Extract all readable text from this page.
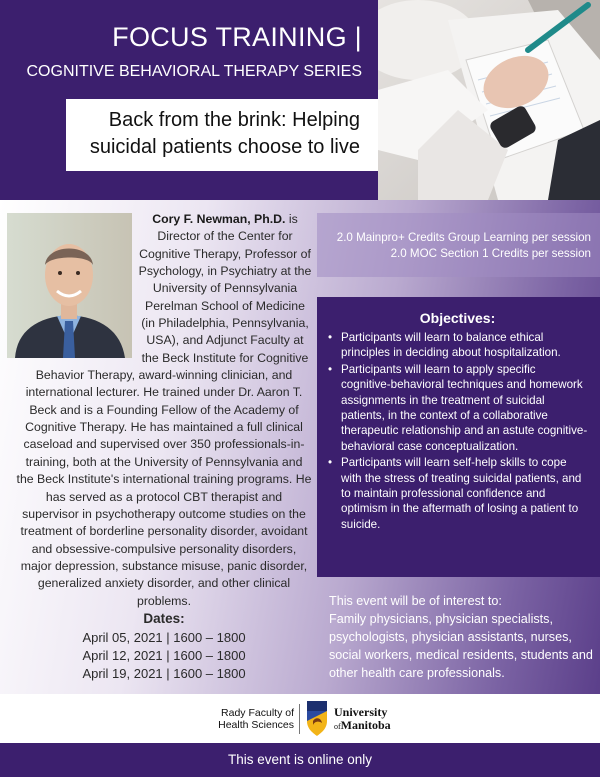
FOCUS TRAINING |
COGNITIVE BEHAVIORAL THERAPY SERIES
Back from the brink: Helping
suicidal patients choose to live
Cory F. Newman, Ph.D. is Director of the Center for Cognitive Therapy, Professor of Psychology, in Psychiatry at the University of Pennsylvania Perelman School of Medicine (in Philadelphia, Pennsylvania, USA), and Adjunct Faculty at the Beck Institute for Cognitive Behavior Therapy, award-winning clinician, and international lecturer. He trained under Dr. Aaron T. Beck and is a Founding Fellow of the Academy of Cognitive Therapy. He has maintained a full clinical caseload and supervised over 350 professionals-in-training, both at the University of Pennsylvania and the Beck Institute's international training programs. He has served as a protocol CBT therapist and supervisor in psychotherapy outcome studies on the treatment of borderline personality disorder, avoidant and obsessive-compulsive personality disorders, major depression, substance misuse, panic disorder, generalized anxiety disorder, and other clinical problems.
Dates:
April 05, 2021 | 1600 – 1800
April 12, 2021 | 1600 – 1800
April 19, 2021 | 1600 – 1800
2.0 Mainpro+ Credits Group Learning per session
2.0 MOC Section 1 Credits per session
Objectives:
• Participants will learn to balance ethical principles in deciding about hospitalization.
• Participants will learn to apply specific cognitive-behavioral techniques and homework assignments in the treatment of suicidal patients, in the context of a collaborative therapeutic relationship and an astute cognitive-behavioral case conceptualization.
• Participants will learn self-help skills to cope with the stress of treating suicidal patients, and to maintain professional confidence and optimism in the aftermath of losing a patient to suicide.
This event will be of interest to:
Family physicians, physician specialists, psychologists, physician assistants, nurses, social workers, medical residents, students and other health care professionals.
Rady Faculty of
Health Sciences
University
ofManitoba
This event is online only
